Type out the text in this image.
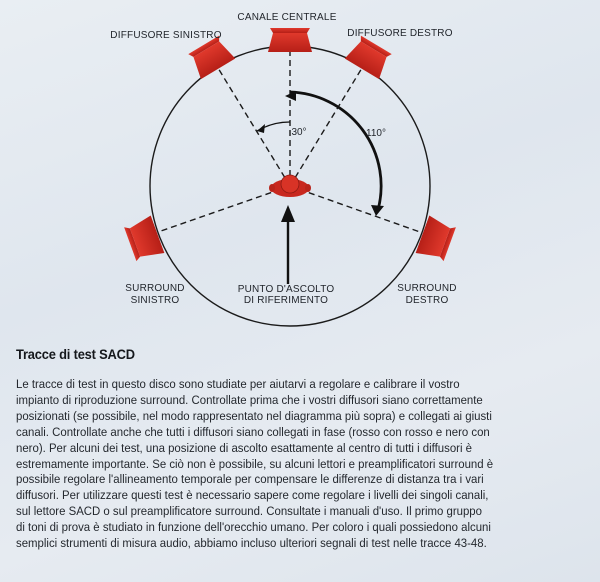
CANALE CENTRALE
DIFFUSORE SINISTRO	DIFFUSORE DESTRO
SURROUND
SINISTRO
SURROUND
DESTRO
PUNTO D'ASCOLTO
DI RIFERIMENTO
30°	110°
Tracce di test SACD
Le tracce di test in questo disco sono studiate per aiutarvi a regolare e calibrare il vostro
impianto di riproduzione surround. Controllate prima che i vostri diffusori siano correttamente
posizionati (se possibile, nel modo rappresentato nel diagramma più sopra) e collegati ai giusti
canali. Controllate anche che tutti i diffusori siano collegati in fase (rosso con rosso e nero con
nero). Per alcuni dei test, una posizione di ascolto esattamente al centro di tutti i diffusori è
estremamente importante. Se ciò non è possibile, su alcuni lettori e preamplificatori surround è
possibile regolare l'allineamento temporale per compensare le differenze di distanza tra i vari
diffusori. Per utilizzare questi test è necessario sapere come regolare i livelli dei singoli canali,
sul lettore SACD o sul preamplificatore surround. Consultate i manuali d'uso. Il primo gruppo
di toni di prova è studiato in funzione dell'orecchio umano. Per coloro i quali possiedono alcuni
semplici strumenti di misura audio, abbiamo incluso ulteriori segnali di test nelle tracce 43-48.
